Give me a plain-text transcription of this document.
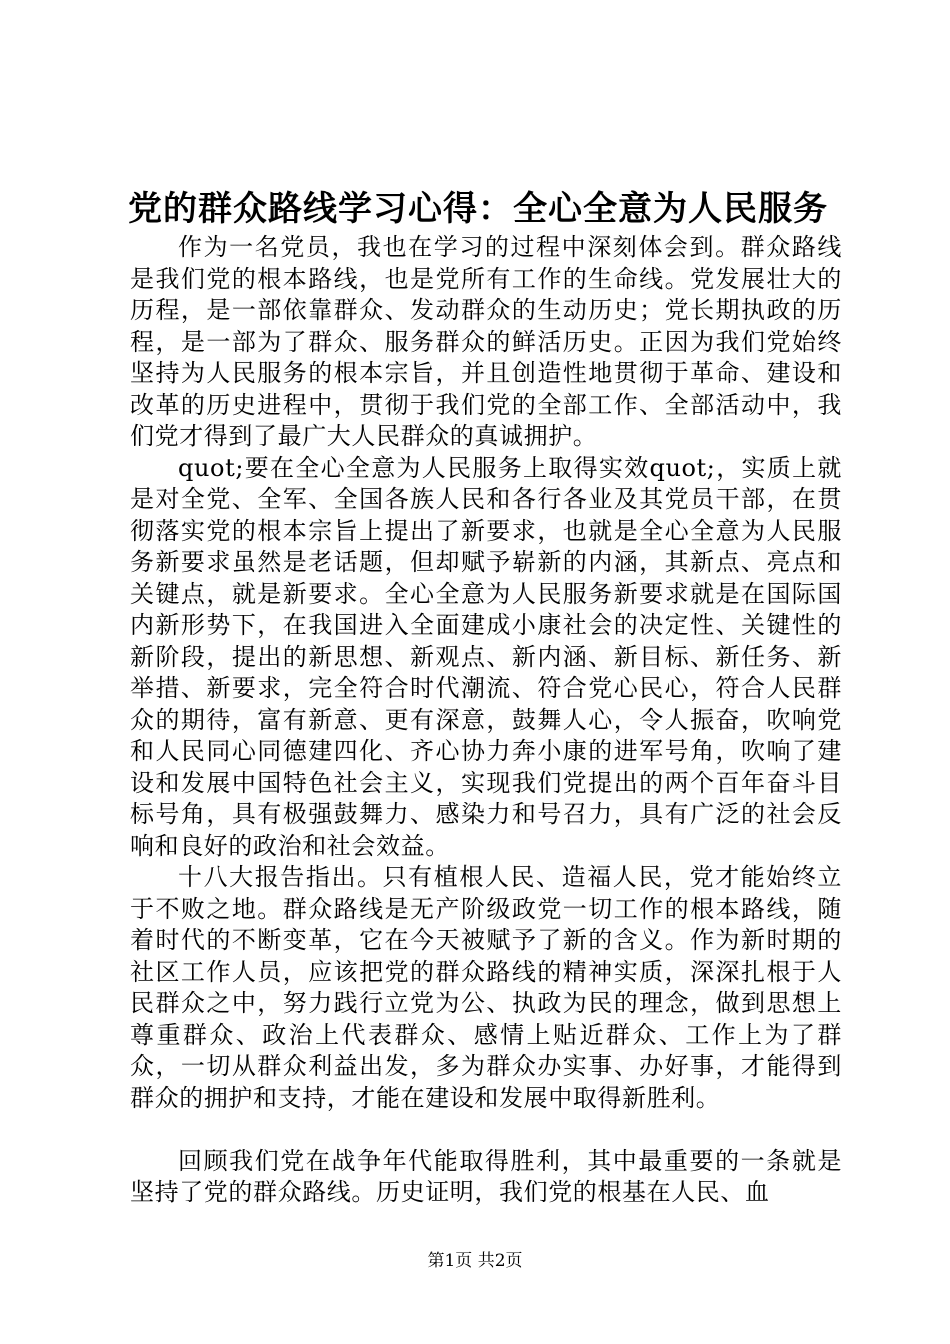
党的群众路线学习心得：全心全意为人民服务

作为一名党员，我也在学习的过程中深刻体会到。群众路线是我们党的根本路线，也是党所有工作的生命线。党发展壮大的历程，是一部依靠群众、发动群众的生动历史；党长期执政的历程，是一部为了群众、服务群众的鲜活历史。正因为我们党始终坚持为人民服务的根本宗旨，并且创造性地贯彻于革命、建设和改革的历史进程中，贯彻于我们党的全部工作、全部活动中，我们党才得到了最广大人民群众的真诚拥护。

quot;要在全心全意为人民服务上取得实效quot;，实质上就是对全党、全军、全国各族人民和各行各业及其党员干部，在贯彻落实党的根本宗旨上提出了新要求，也就是全心全意为人民服务新要求虽然是老话题，但却赋予崭新的内涵，其新点、亮点和关键点，就是新要求。全心全意为人民服务新要求就是在国际国内新形势下，在我国进入全面建成小康社会的决定性、关键性的新阶段，提出的新思想、新观点、新内涵、新目标、新任务、新举措、新要求，完全符合时代潮流、符合党心民心，符合人民群众的期待，富有新意、更有深意，鼓舞人心，令人振奋，吹响党和人民同心同德建四化、齐心协力奔小康的进军号角，吹响了建设和发展中国特色社会主义，实现我们党提出的两个百年奋斗目标号角，具有极强鼓舞力、感染力和号召力，具有广泛的社会反响和良好的政治和社会效益。

十八大报告指出。只有植根人民、造福人民，党才能始终立于不败之地。群众路线是无产阶级政党一切工作的根本路线，随着时代的不断变革，它在今天被赋予了新的含义。作为新时期的社区工作人员，应该把党的群众路线的精神实质，深深扎根于人民群众之中，努力践行立党为公、执政为民的理念，做到思想上尊重群众、政治上代表群众、感情上贴近群众、工作上为了群众，一切从群众利益出发，多为群众办实事、办好事，才能得到群众的拥护和支持，才能在建设和发展中取得新胜利。

回顾我们党在战争年代能取得胜利，其中最重要的一条就是坚持了党的群众路线。历史证明，我们党的根基在人民、血

第1页 共2页
